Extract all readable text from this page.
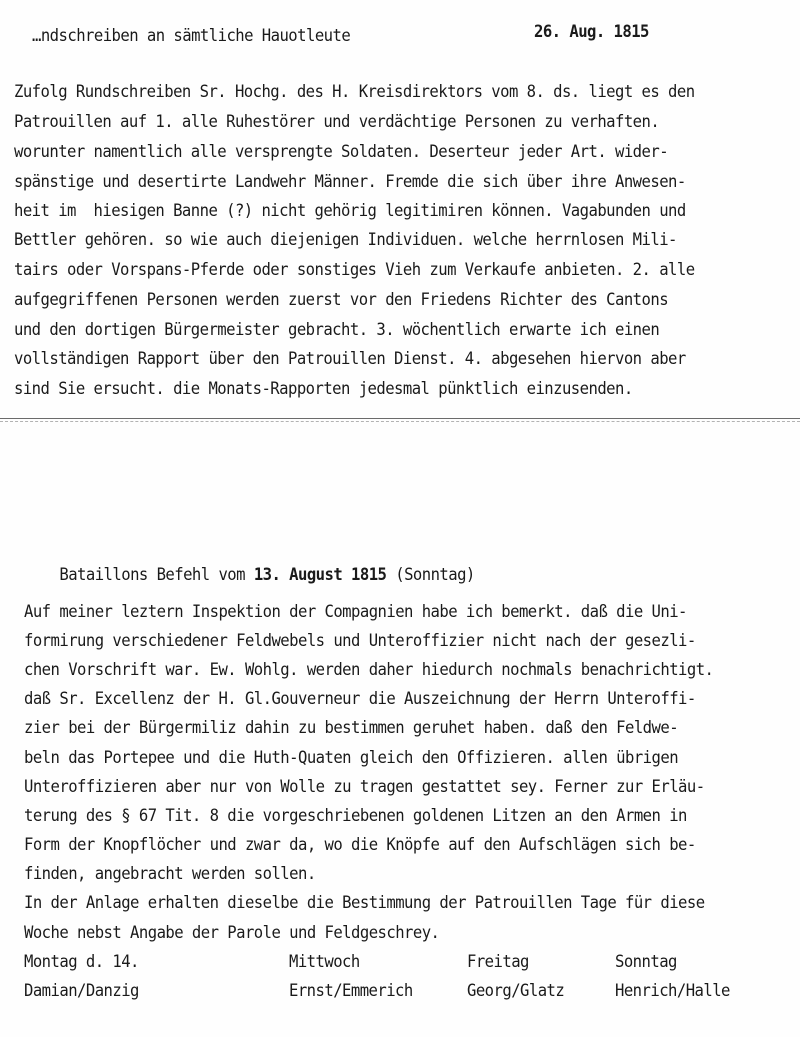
…ndschreiben an sämtliche Hauotleute	26. Aug. 1815
Zufolg Rundschreiben Sr. Hochg. des H. Kreisdirektors vom 8. ds. liegt es den
Patrouillen auf 1. alle Ruhestörer und verdächtige Personen zu verhaften.
worunter namentlich alle versprengte Soldaten. Deserteur jeder Art. wider-
spänstige und desertirte Landwehr Männer. Fremde die sich über ihre Anwesen-
heit im  hiesigen Banne (?) nicht gehörig legitimiren können. Vagabunden und
Bettler gehören. so wie auch diejenigen Individuen. welche herrnlosen Mili-
tairs oder Vorspans-Pferde oder sonstiges Vieh zum Verkaufe anbieten. 2. alle
aufgegriffenen Personen werden zuerst vor den Friedens Richter des Cantons
und den dortigen Bürgermeister gebracht. 3. wöchentlich erwarte ich einen
vollständigen Rapport über den Patrouillen Dienst. 4. abgesehen hiervon aber
sind Sie ersucht. die Monats-Rapporten jedesmal pünktlich einzusenden.

Bataillons Befehl vom 13. August 1815 (Sonntag)

Auf meiner leztern Inspektion der Compagnien habe ich bemerkt. daß die Uni-
formirung verschiedener Feldwebels und Unteroffizier nicht nach der gesezli-
chen Vorschrift war. Ew. Wohlg. werden daher hiedurch nochmals benachrichtigt.
daß Sr. Excellenz der H. Gl.Gouverneur die Auszeichnung der Herrn Unteroffi-
zier bei der Bürgermiliz dahin zu bestimmen geruhet haben. daß den Feldwe-
beln das Portepee und die Huth-Quaten gleich den Offizieren. allen übrigen
Unteroffizieren aber nur von Wolle zu tragen gestattet sey. Ferner zur Erläu-
terung des § 67 Tit. 8 die vorgeschriebenen goldenen Litzen an den Armen in
Form der Knopflöcher und zwar da, wo die Knöpfe auf den Aufschlägen sich be-
finden, angebracht werden sollen.
In der Anlage erhalten dieselbe die Bestimmung der Patrouillen Tage für diese
Woche nebst Angabe der Parole und Feldgeschrey.
Montag d. 14.
Damian/Danzig
Mittwoch
Ernst/Emmerich
Freitag
Georg/Glatz
Sonntag
Henrich/Halle
